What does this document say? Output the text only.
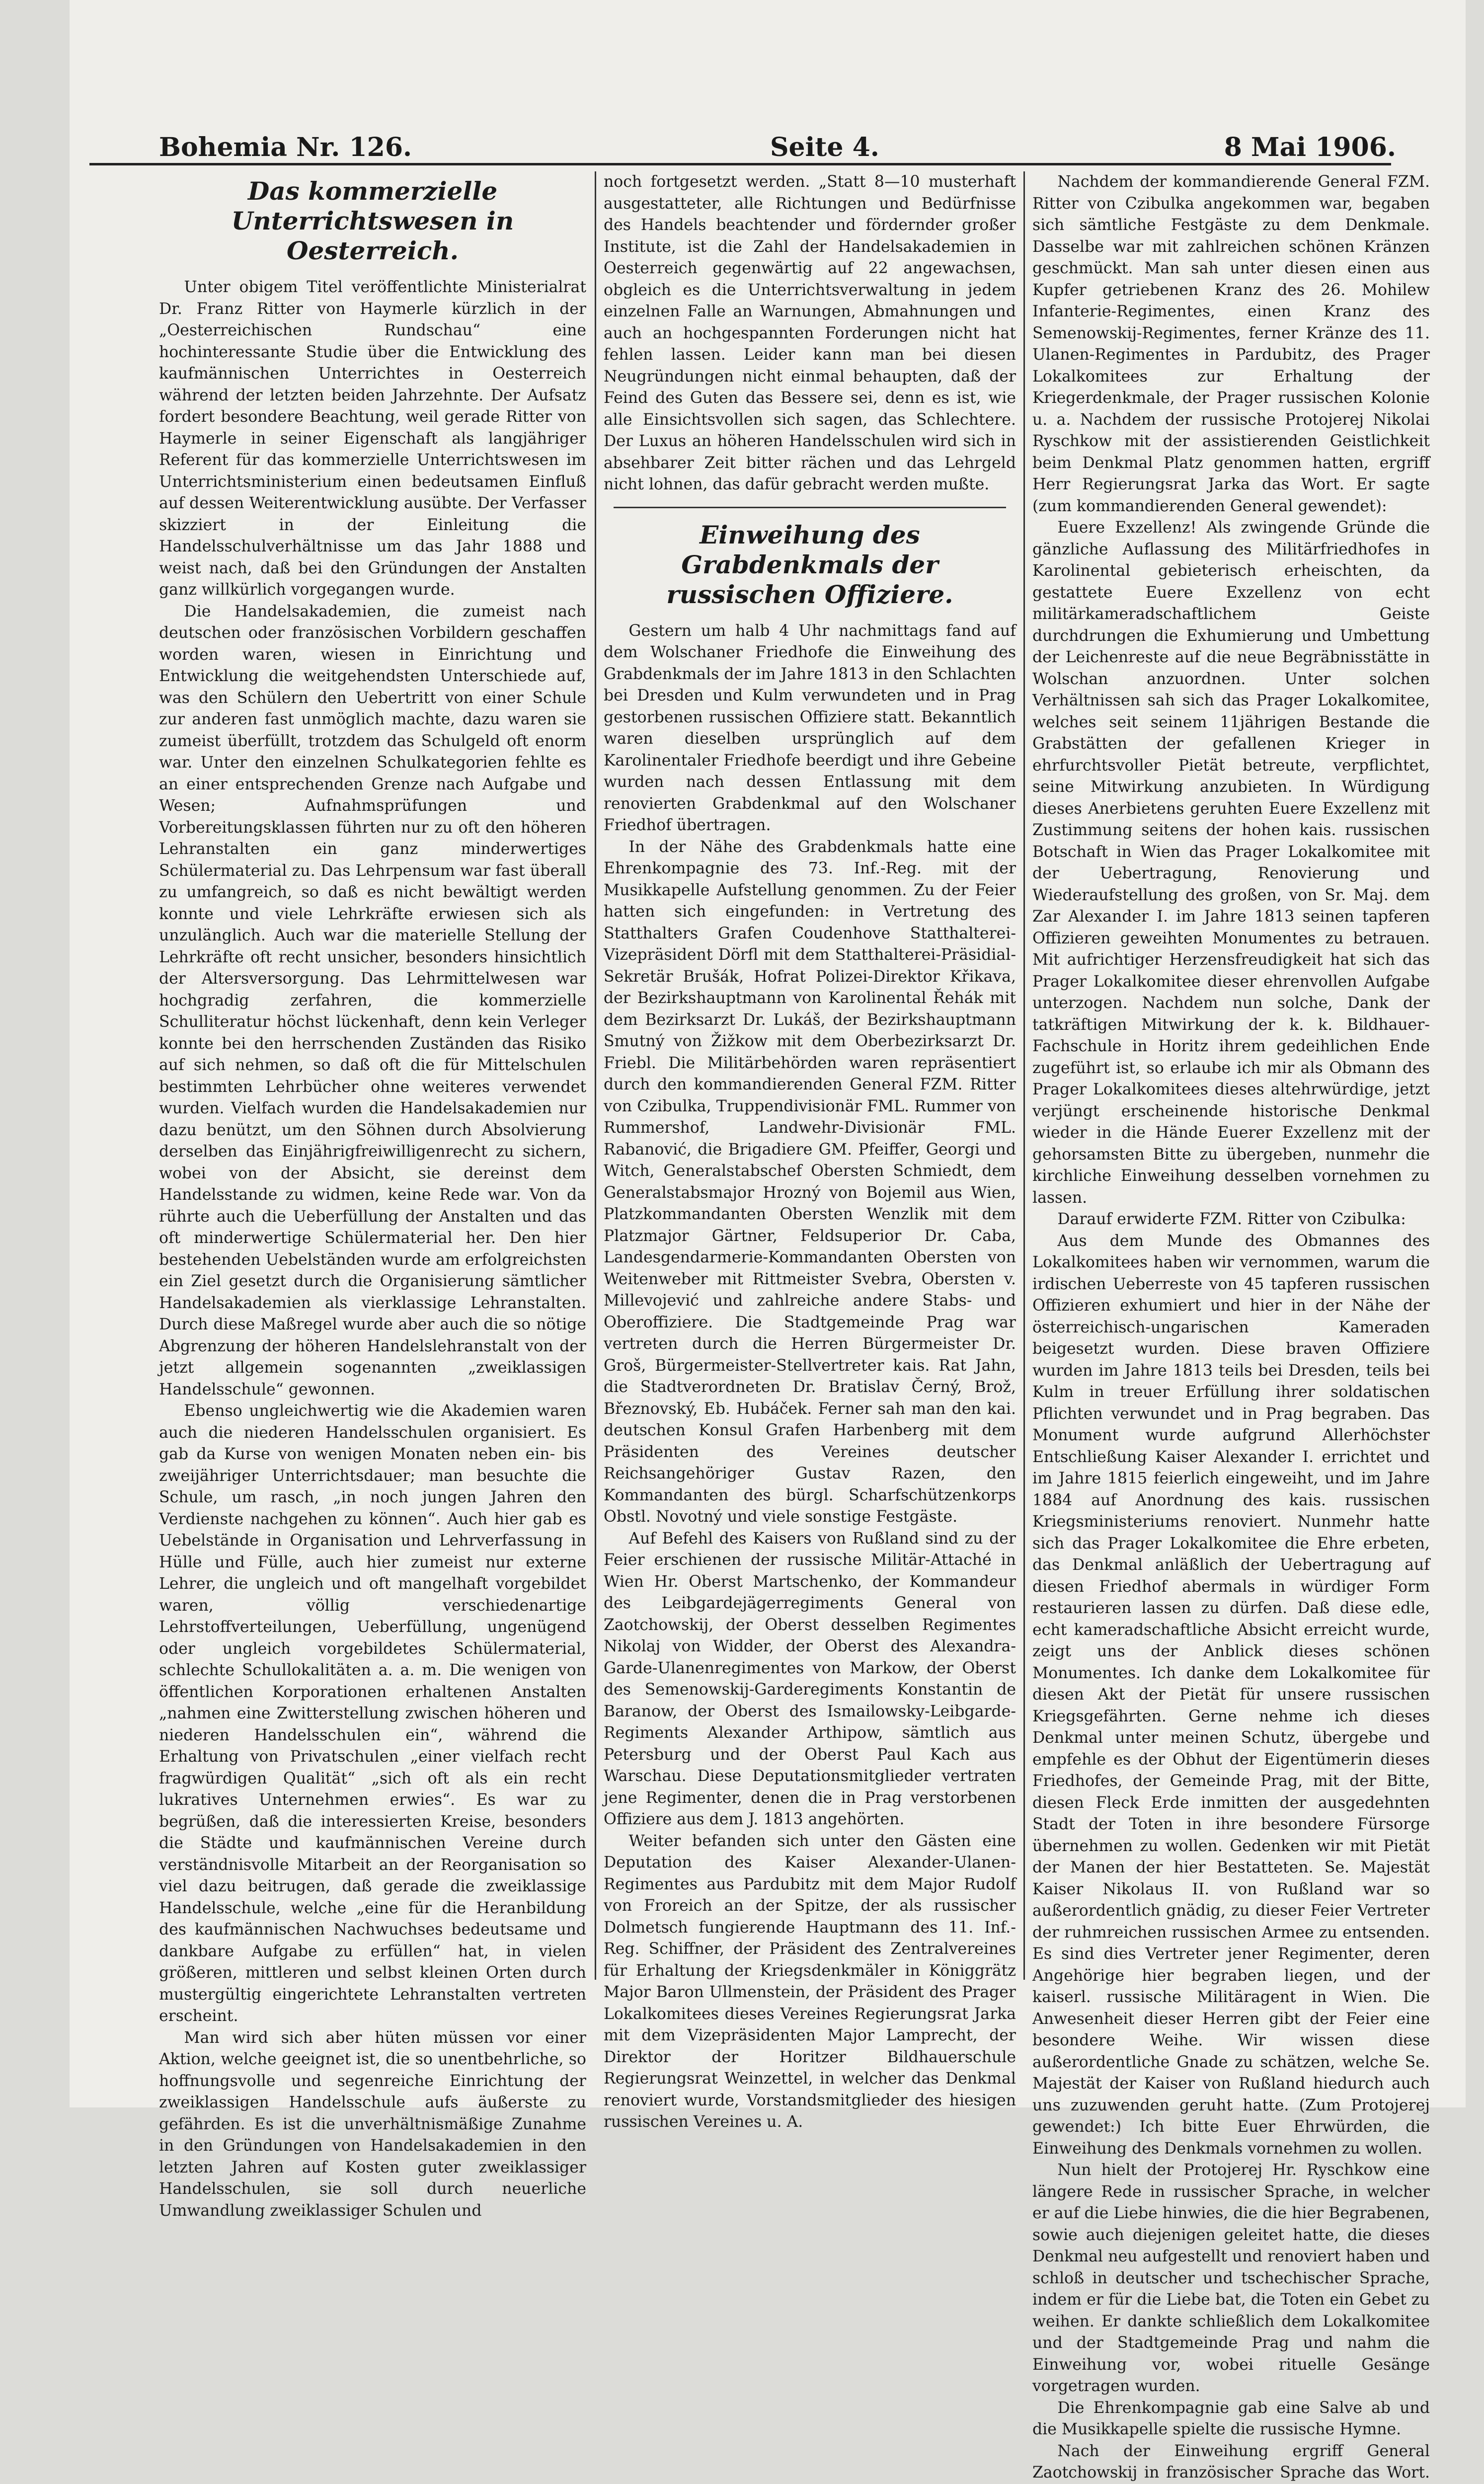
Bohemia Nr. 126.	Seite 4.	8 Mai 1906.
Das kommerzielle Unterrichtswesen in Oesterreich.

Unter obigem Titel veröffentlichte Ministerialrat Dr. Franz Ritter von Haymerle kürzlich in der „Oesterreichischen Rundschau“ eine hochinteressante Studie über die Entwicklung des kaufmännischen Unterrichtes in Oesterreich während der letzten beiden Jahrzehnte. Der Aufsatz fordert besondere Beachtung, weil gerade Ritter von Haymerle in seiner Eigenschaft als langjähriger Referent für das kommerzielle Unterrichtswesen im Unterrichtsministerium einen bedeutsamen Einfluß auf dessen Weiterentwicklung ausübte. Der Verfasser skizziert in der Einleitung die Handelsschulverhältnisse um das Jahr 1888 und weist nach, daß bei den Gründungen der Anstalten ganz willkürlich vorgegangen wurde.

Die Handelsakademien, die zumeist nach deutschen oder französischen Vorbildern geschaffen worden waren, wiesen in Einrichtung und Entwicklung die weitgehendsten Unterschiede auf, was den Schülern den Uebertritt von einer Schule zur anderen fast unmöglich machte, dazu waren sie zumeist überfüllt, trotzdem das Schulgeld oft enorm war. Unter den einzelnen Schulkategorien fehlte es an einer entsprechenden Grenze nach Aufgabe und Wesen; Aufnahmsprüfungen und Vorbereitungsklassen führten nur zu oft den höheren Lehranstalten ein ganz minderwertiges Schülermaterial zu. Das Lehrpensum war fast überall zu umfangreich, so daß es nicht bewältigt werden konnte und viele Lehrkräfte erwiesen sich als unzulänglich. Auch war die materielle Stellung der Lehrkräfte oft recht unsicher, besonders hinsichtlich der Altersversorgung. Das Lehrmittelwesen war hochgradig zerfahren, die kommerzielle Schulliteratur höchst lückenhaft, denn kein Verleger konnte bei den herrschenden Zuständen das Risiko auf sich nehmen, so daß oft die für Mittelschulen bestimmten Lehrbücher ohne weiteres verwendet wurden. Vielfach wurden die Handelsakademien nur dazu benützt, um den Söhnen durch Absolvierung derselben das Einjährigfreiwilligenrecht zu sichern, wobei von der Absicht, sie dereinst dem Handelsstande zu widmen, keine Rede war. Von da rührte auch die Ueberfüllung der Anstalten und das oft minderwertige Schülermaterial her. Den hier bestehenden Uebelständen wurde am erfolgreichsten ein Ziel gesetzt durch die Organisierung sämtlicher Handelsakademien als vierklassige Lehranstalten. Durch diese Maßregel wurde aber auch die so nötige Abgrenzung der höheren Handelslehranstalt von der jetzt allgemein sogenannten „zweiklassigen Handelsschule“ gewonnen.

Ebenso ungleichwertig wie die Akademien waren auch die niederen Handelsschulen organisiert. Es gab da Kurse von wenigen Monaten neben ein- bis zweijähriger Unterrichtsdauer; man besuchte die Schule, um rasch, „in noch jungen Jahren den Verdienste nachgehen zu können“. Auch hier gab es Uebelstände in Organisation und Lehrverfassung in Hülle und Fülle, auch hier zumeist nur externe Lehrer, die ungleich und oft mangelhaft vorgebildet waren, völlig verschiedenartige Lehrstoffverteilungen, Ueberfüllung, ungenügend oder ungleich vorgebildetes Schülermaterial, schlechte Schullokalitäten a. a. m. Die wenigen von öffentlichen Korporationen erhaltenen Anstalten „nahmen eine Zwitterstellung zwischen höheren und niederen Handelsschulen ein“, während die Erhaltung von Privatschulen „einer vielfach recht fragwürdigen Qualität“ „sich oft als ein recht lukratives Unternehmen erwies“. Es war zu begrüßen, daß die interessierten Kreise, besonders die Städte und kaufmännischen Vereine durch verständnisvolle Mitarbeit an der Reorganisation so viel dazu beitrugen, daß gerade die zweiklassige Handelsschule, welche „eine für die Heranbildung des kaufmännischen Nachwuchses bedeutsame und dankbare Aufgabe zu erfüllen“ hat, in vielen größeren, mittleren und selbst kleinen Orten durch mustergültig eingerichtete Lehranstalten vertreten erscheint.

Man wird sich aber hüten müssen vor einer Aktion, welche geeignet ist, die so unentbehrliche, so hoffnungsvolle und segenreiche Einrichtung der zweiklassigen Handelsschule aufs äußerste zu gefährden. Es ist die unverhältnismäßige Zunahme in den Gründungen von Handelsakademien in den letzten Jahren auf Kosten guter zweiklassiger Handelsschulen, sie soll durch neuerliche Umwandlung zweiklassiger Schulen und

noch fortgesetzt werden. „Statt 8—10 musterhaft ausgestatteter, alle Richtungen und Bedürfnisse des Handels beachtender und fördernder großer Institute, ist die Zahl der Handelsakademien in Oesterreich gegenwärtig auf 22 angewachsen, obgleich es die Unterrichtsverwaltung in jedem einzelnen Falle an Warnungen, Abmahnungen und auch an hochgespannten Forderungen nicht hat fehlen lassen. Leider kann man bei diesen Neugründungen nicht einmal behaupten, daß der Feind des Guten das Bessere sei, denn es ist, wie alle Einsichtsvollen sich sagen, das Schlechtere. Der Luxus an höheren Handelsschulen wird sich in absehbarer Zeit bitter rächen und das Lehrgeld nicht lohnen, das dafür gebracht werden mußte.

Einweihung des Grabdenkmals der russischen Offiziere.

Gestern um halb 4 Uhr nachmittags fand auf dem Wolschaner Friedhofe die Einweihung des Grabdenkmals der im Jahre 1813 in den Schlachten bei Dresden und Kulm verwundeten und in Prag gestorbenen russischen Offiziere statt. Bekanntlich waren dieselben ursprünglich auf dem Karolinentaler Friedhofe beerdigt und ihre Gebeine wurden nach dessen Entlassung mit dem renovierten Grabdenkmal auf den Wolschaner Friedhof übertragen.

In der Nähe des Grabdenkmals hatte eine Ehrenkompagnie des 73. Inf.-Reg. mit der Musikkapelle Aufstellung genommen. Zu der Feier hatten sich eingefunden: in Vertretung des Statthalters Grafen Coudenhove Statthalterei-Vizepräsident Dörfl mit dem Statthalterei-Präsidial-Sekretär Brušák, Hofrat Polizei-Direktor Křikava, der Bezirkshauptmann von Karolinental Řehák mit dem Bezirksarzt Dr. Lukáš, der Bezirkshauptmann Smutný von Žižkow mit dem Oberbezirksarzt Dr. Friebl. Die Militärbehörden waren repräsentiert durch den kommandierenden General FZM. Ritter von Czibulka, Truppendivisionär FML. Rummer von Rummershof, Landwehr-Divisionär FML. Rabanović, die Brigadiere GM. Pfeiffer, Georgi und Witch, Generalstabschef Obersten Schmiedt, dem Generalstabsmajor Hrozný von Bojemil aus Wien, Platzkommandanten Obersten Wenzlik mit dem Platzmajor Gärtner, Feldsuperior Dr. Caba, Landesgendarmerie-Kommandanten Obersten von Weitenweber mit Rittmeister Svebra, Obersten v. Millevojević und zahlreiche andere Stabs- und Oberoffiziere. Die Stadtgemeinde Prag war vertreten durch die Herren Bürgermeister Dr. Groš, Bürgermeister-Stellvertreter kais. Rat Jahn, die Stadtverordneten Dr. Bratislav Černý, Brož, Březnovský, Eb. Hubáček. Ferner sah man den kai. deutschen Konsul Grafen Harbenberg mit dem Präsidenten des Vereines deutscher Reichsangehöriger Gustav Razen, den Kommandanten des bürgl. Scharfschützenkorps Obstl. Novotný und viele sonstige Festgäste.

Auf Befehl des Kaisers von Rußland sind zu der Feier erschienen der russische Militär-Attaché in Wien Hr. Oberst Martschenko, der Kommandeur des Leibgardejägerregiments General von Zaotchowskij, der Oberst desselben Regimentes Nikolaj von Widder, der Oberst des Alexandra-Garde-Ulanenregimentes von Markow, der Oberst des Semenowskij-Garderegiments Konstantin de Baranow, der Oberst des Ismailowsky-Leibgarde-Regiments Alexander Arthipow, sämtlich aus Petersburg und der Oberst Paul Kach aus Warschau. Diese Deputationsmitglieder vertraten jene Regimenter, denen die in Prag verstorbenen Offiziere aus dem J. 1813 angehörten.

Weiter befanden sich unter den Gästen eine Deputation des Kaiser Alexander-Ulanen-Regimentes aus Pardubitz mit dem Major Rudolf von Froreich an der Spitze, der als russischer Dolmetsch fungierende Hauptmann des 11. Inf.-Reg. Schiffner, der Präsident des Zentralvereines für Erhaltung der Kriegsdenkmäler in Königgrätz Major Baron Ullmenstein, der Präsident des Prager Lokalkomitees dieses Vereines Regierungsrat Jarka mit dem Vizepräsidenten Major Lamprecht, der Direktor der Horitzer Bildhauerschule Regierungsrat Weinzettel, in welcher das Denkmal renoviert wurde, Vorstandsmitglieder des hiesigen russischen Vereines u. A.

Nachdem der kommandierende General FZM. Ritter von Czibulka angekommen war, begaben sich sämtliche Festgäste zu dem Denkmale. Dasselbe war mit zahlreichen schönen Kränzen geschmückt. Man sah unter diesen einen aus Kupfer getriebenen Kranz des 26. Mohilew Infanterie-Regimentes, einen Kranz des Semenowskij-Regimentes, ferner Kränze des 11. Ulanen-Regimentes in Pardubitz, des Prager Lokalkomitees zur Erhaltung der Kriegerdenkmale, der Prager russischen Kolonie u. a. Nachdem der russische Protojerej Nikolai Ryschkow mit der assistierenden Geistlichkeit beim Denkmal Platz genommen hatten, ergriff Herr Regierungsrat Jarka das Wort. Er sagte (zum kommandierenden General gewendet):

Euere Exzellenz! Als zwingende Gründe die gänzliche Auflassung des Militärfriedhofes in Karolinental gebieterisch erheischten, da gestattete Euere Exzellenz von echt militärkameradschaftlichem Geiste durchdrungen die Exhumierung und Umbettung der Leichenreste auf die neue Begräbnisstätte in Wolschan anzuordnen. Unter solchen Verhältnissen sah sich das Prager Lokalkomitee, welches seit seinem 11jährigen Bestande die Grabstätten der gefallenen Krieger in ehrfurchtsvoller Pietät betreute, verpflichtet, seine Mitwirkung anzubieten. In Würdigung dieses Anerbietens geruhten Euere Exzellenz mit Zustimmung seitens der hohen kais. russischen Botschaft in Wien das Prager Lokalkomitee mit der Uebertragung, Renovierung und Wiederaufstellung des großen, von Sr. Maj. dem Zar Alexander I. im Jahre 1813 seinen tapferen Offizieren geweihten Monumentes zu betrauen. Mit aufrichtiger Herzensfreudigkeit hat sich das Prager Lokalkomitee dieser ehrenvollen Aufgabe unterzogen. Nachdem nun solche, Dank der tatkräftigen Mitwirkung der k. k. Bildhauer-Fachschule in Horitz ihrem gedeihlichen Ende zugeführt ist, so erlaube ich mir als Obmann des Prager Lokalkomitees dieses altehrwürdige, jetzt verjüngt erscheinende historische Denkmal wieder in die Hände Euerer Exzellenz mit der gehorsamsten Bitte zu übergeben, nunmehr die kirchliche Einweihung desselben vornehmen zu lassen.

Darauf erwiderte FZM. Ritter von Czibulka:

Aus dem Munde des Obmannes des Lokalkomitees haben wir vernommen, warum die irdischen Ueberreste von 45 tapferen russischen Offizieren exhumiert und hier in der Nähe der österreichisch-ungarischen Kameraden beigesetzt wurden. Diese braven Offiziere wurden im Jahre 1813 teils bei Dresden, teils bei Kulm in treuer Erfüllung ihrer soldatischen Pflichten verwundet und in Prag begraben. Das Monument wurde aufgrund Allerhöchster Entschließung Kaiser Alexander I. errichtet und im Jahre 1815 feierlich eingeweiht, und im Jahre 1884 auf Anordnung des kais. russischen Kriegsministeriums renoviert. Nunmehr hatte sich das Prager Lokalkomitee die Ehre erbeten, das Denkmal anläßlich der Uebertragung auf diesen Friedhof abermals in würdiger Form restaurieren lassen zu dürfen. Daß diese edle, echt kameradschaftliche Absicht erreicht wurde, zeigt uns der Anblick dieses schönen Monumentes. Ich danke dem Lokalkomitee für diesen Akt der Pietät für unsere russischen Kriegsgefährten. Gerne nehme ich dieses Denkmal unter meinen Schutz, übergebe und empfehle es der Obhut der Eigentümerin dieses Friedhofes, der Gemeinde Prag, mit der Bitte, diesen Fleck Erde inmitten der ausgedehnten Stadt der Toten in ihre besondere Fürsorge übernehmen zu wollen. Gedenken wir mit Pietät der Manen der hier Bestatteten. Se. Majestät Kaiser Nikolaus II. von Rußland war so außerordentlich gnädig, zu dieser Feier Vertreter der ruhmreichen russischen Armee zu entsenden. Es sind dies Vertreter jener Regimenter, deren Angehörige hier begraben liegen, und der kaiserl. russische Militäragent in Wien. Die Anwesenheit dieser Herren gibt der Feier eine besondere Weihe. Wir wissen diese außerordentliche Gnade zu schätzen, welche Se. Majestät der Kaiser von Rußland hiedurch auch uns zuzuwenden geruht hatte. (Zum Protojerej gewendet:) Ich bitte Euer Ehrwürden, die Einweihung des Denkmals vornehmen zu wollen.

Nun hielt der Protojerej Hr. Ryschkow eine längere Rede in russischer Sprache, in welcher er auf die Liebe hinwies, die die hier Begrabenen, sowie auch diejenigen geleitet hatte, die dieses Denkmal neu aufgestellt und renoviert haben und schloß in deutscher und tschechischer Sprache, indem er für die Liebe bat, die Toten ein Gebet zu weihen. Er dankte schließlich dem Lokalkomitee und der Stadtgemeinde Prag und nahm die Einweihung vor, wobei rituelle Gesänge vorgetragen wurden.

Die Ehrenkompagnie gab eine Salve ab und die Musikkapelle spielte die russische Hymne.

Nach der Einweihung ergriff General Zaotchowskij in französischer Sprache das Wort.
